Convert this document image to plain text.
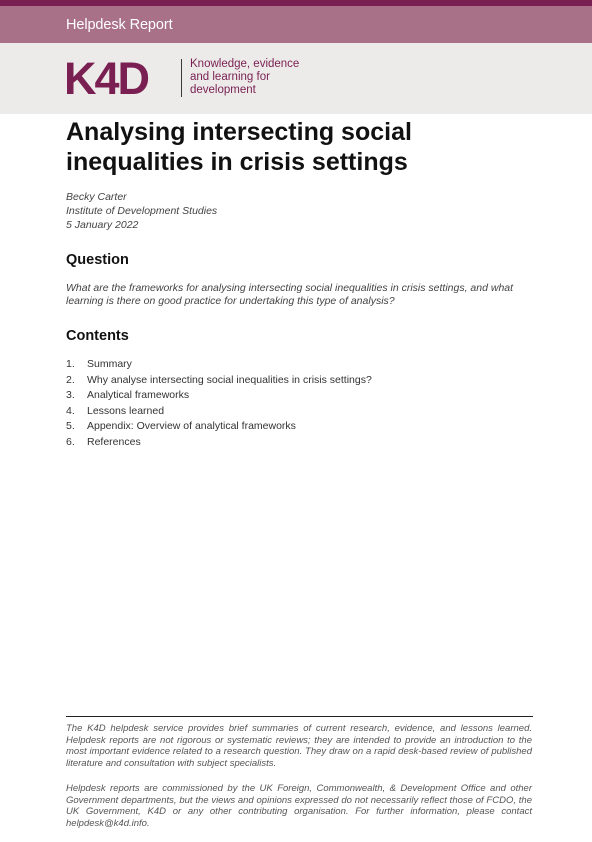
Helpdesk Report
K4D	Knowledge, evidence
and learning for
development
Analysing intersecting social inequalities in crisis settings
Becky Carter
Institute of Development Studies
5 January 2022
Question

What are the frameworks for analysing intersecting social inequalities in crisis settings, and what learning is there on good practice for undertaking this type of analysis?

Contents
1.	Summary
2.	Why analyse intersecting social inequalities in crisis settings?
3.	Analytical frameworks
4.	Lessons learned
5.	Appendix: Overview of analytical frameworks
6.	References

The K4D helpdesk service provides brief summaries of current research, evidence, and lessons learned. Helpdesk reports are not rigorous or systematic reviews; they are intended to provide an introduction to the most important evidence related to a research question. They draw on a rapid desk-based review of published literature and consultation with subject specialists.

Helpdesk reports are commissioned by the UK Foreign, Commonwealth, & Development Office and other Government departments, but the views and opinions expressed do not necessarily reflect those of FCDO, the UK Government, K4D or any other contributing organisation. For further information, please contact helpdesk@k4d.info.
